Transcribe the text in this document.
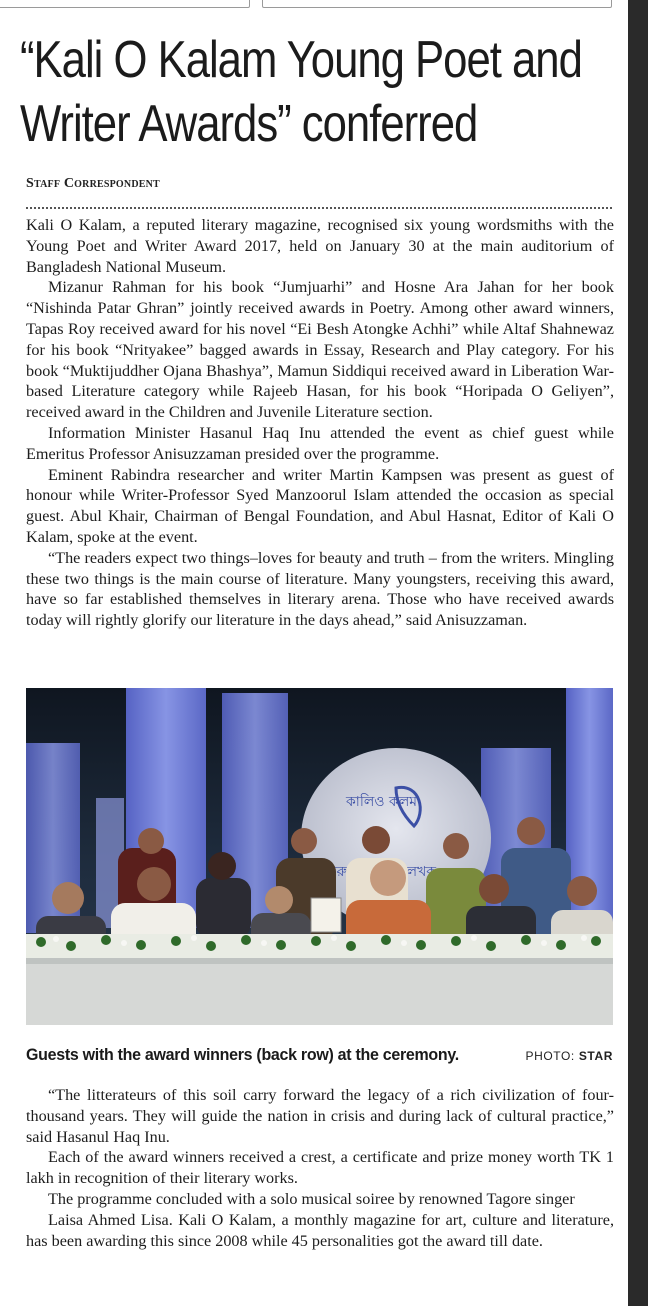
“Kali O Kalam Young Poet and
Writer Awards” conferred
Staff Correspondent

Kali O Kalam, a reputed literary magazine, recognised six young wordsmiths with the Young Poet and Writer Award 2017, held on January 30 at the main auditorium of Bangladesh National Museum.

Mizanur Rahman for his book “Jumjuarhi” and Hosne Ara Jahan for her book “Nishinda Patar Ghran” jointly received awards in Poetry. Among other award winners, Tapas Roy received award for his novel “Ei Besh Atongke Achhi” while Altaf Shahnewaz for his book “Nrityakee” bagged awards in Essay, Research and Play category. For his book “Muktijuddher Ojana Bhashya”, Mamun Siddiqui received award in Liberation War-based Literature category while Rajeeb Hasan, for his book “Horipada O Geliyen”, received award in the Children and Juvenile Literature section.

Information Minister Hasanul Haq Inu attended the event as chief guest while Emeritus Professor Anisuzzaman presided over the programme.

Eminent Rabindra researcher and writer Martin Kampsen was present as guest of honour while Writer-Professor Syed Manzoorul Islam attended the occasion as special guest. Abul Khair, Chairman of Bengal Foundation, and Abul Hasnat, Editor of Kali O Kalam, spoke at the event.

“The readers expect two things–loves for beauty and truth – from the writers. Mingling these two things is the main course of literature. Many youngsters, receiving this award, have so far established themselves in literary arena. Those who have received awards today will rightly glorify our literature in the days ahead,” said Anisuzzaman.

কালিও কলম
তরুণ লেখক
Guests with the award winners (back row) at the ceremony.	PHOTO: STAR

“The litterateurs of this soil carry forward the legacy of a rich civilization of four-thousand years. They will guide the nation in crisis and during lack of cultural practice,” said Hasanul Haq Inu.

Each of the award winners received a crest, a certificate and prize money worth TK 1 lakh in recognition of their literary works.

The programme concluded with a solo musical soiree by renowned Tagore singer

Laisa Ahmed Lisa. Kali O Kalam, a monthly magazine for art, culture and literature, has been awarding this since 2008 while 45 personalities got the award till date.
